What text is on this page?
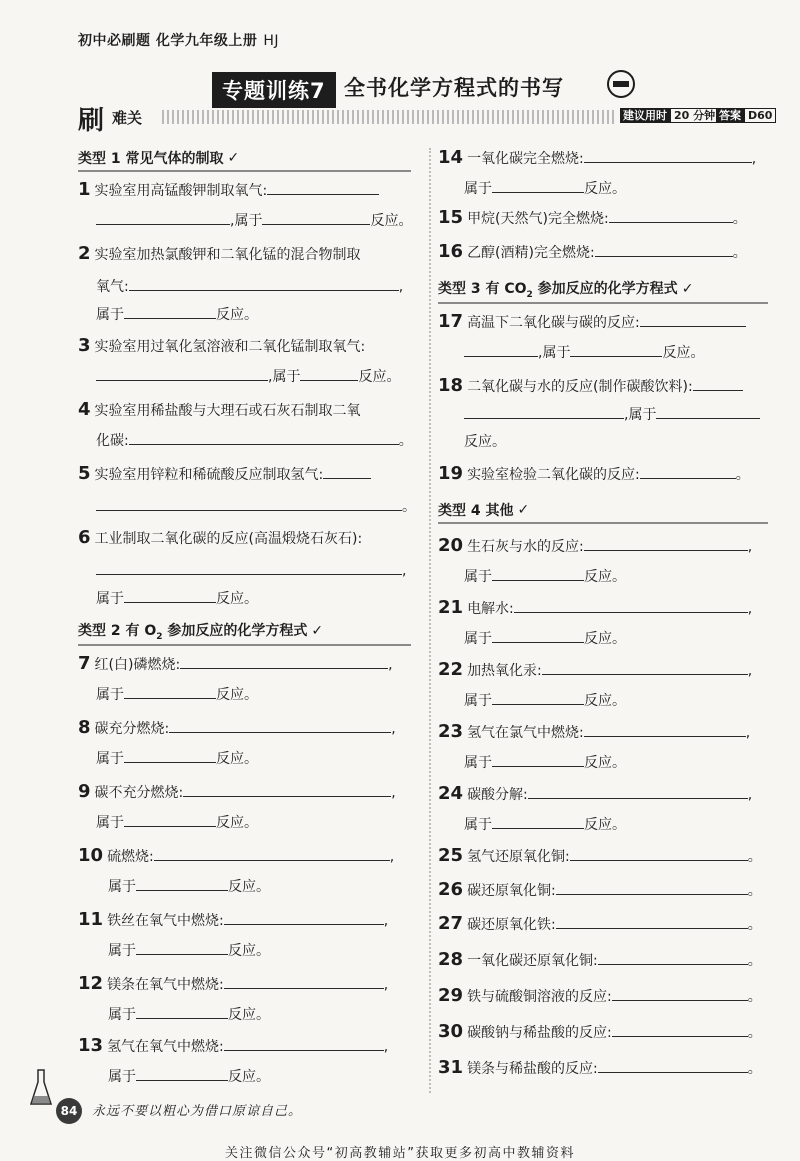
初中必刷题 化学九年级上册 HJ
专题训练7 全书化学方程式的书写
刷 难关	建议用时 20 分钟 答案 D60
类型 1 常见气体的制取 ✓
1 实验室用高锰酸钾制取氧气:
,属于	反应。
2 实验室加热氯酸钾和二氧化锰的混合物制取
氧气:	,
属于	反应。
3 实验室用过氧化氢溶液和二氧化锰制取氧气:
,属于	反应。
4 实验室用稀盐酸与大理石或石灰石制取二氧
化碳:	。
5 实验室用锌粒和稀硫酸反应制取氢气:
。
6 工业制取二氧化碳的反应(高温煅烧石灰石):
,
属于	反应。
类型 2 有 $O_2$ 参加反应的化学方程式 ✓
7 红(白)磷燃烧:	,
属于	反应。
8 碳充分燃烧:	,
属于	反应。
9 碳不充分燃烧:	,
属于	反应。
10 硫燃烧:	,
属于	反应。
11 铁丝在氧气中燃烧:	,
属于	反应。
12 镁条在氧气中燃烧:	,
属于	反应。
13 氢气在氧气中燃烧:	,
属于	反应。
14 一氧化碳完全燃烧:	,
属于	反应。
15 甲烷(天然气)完全燃烧:	。
16 乙醇(酒精)完全燃烧:	。
类型 3 有 $CO_2$ 参加反应的化学方程式 ✓
17 高温下二氧化碳与碳的反应:
,属于	反应。
18 二氧化碳与水的反应(制作碳酸饮料):
,属于
反应。
19 实验室检验二氧化碳的反应:	。
类型 4 其他 ✓
20 生石灰与水的反应:	,
属于	反应。
21 电解水:	,
属于	反应。
22 加热氧化汞:	,
属于	反应。
23 氢气在氯气中燃烧:	,
属于	反应。
24 碳酸分解:	,
属于	反应。
25 氢气还原氧化铜:	。
26 碳还原氧化铜:	。
27 碳还原氧化铁:	。
28 一氧化碳还原氧化铜:	。
29 铁与硫酸铜溶液的反应:	。
30 碳酸钠与稀盐酸的反应:	。
31 镁条与稀盐酸的反应:	。
84	永远不要以粗心为借口原谅自己。
关注微信公众号“初高教辅站”获取更多初高中教辅资料
